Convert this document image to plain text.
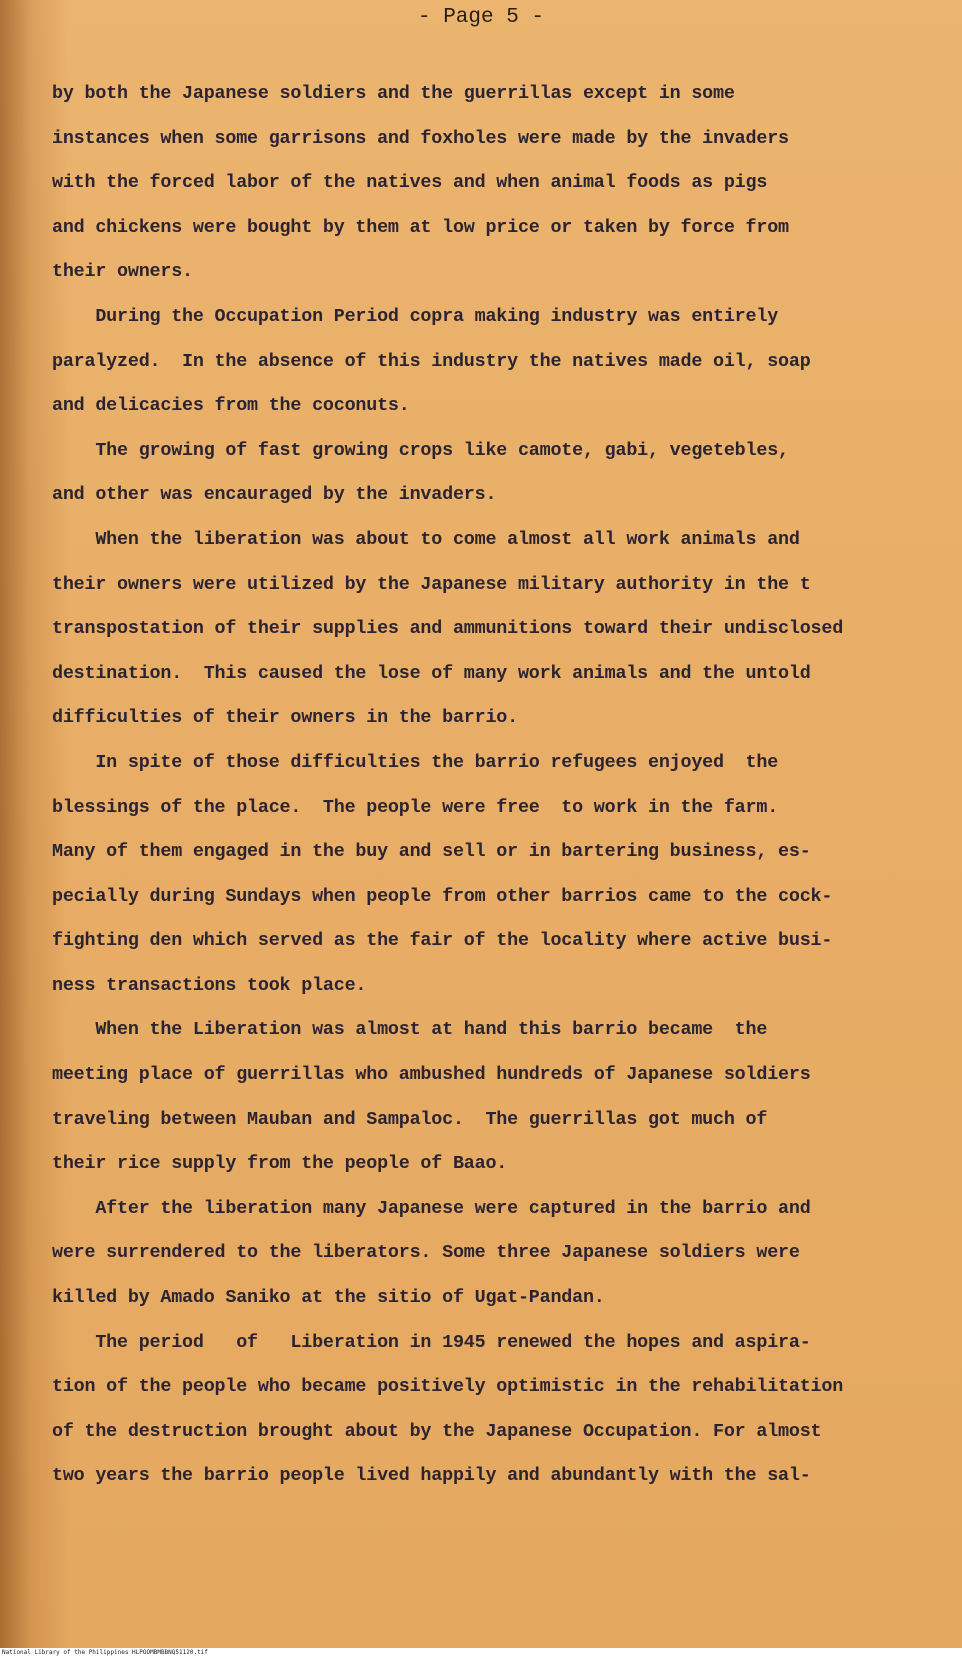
- Page 5 -
by both the Japanese soldiers and the guerrillas except in some
instances when some garrisons and foxholes were made by the invaders
with the forced labor of the natives and when animal foods as pigs
and chickens were bought by them at low price or taken by force from
their owners.
During the Occupation Period copra making industry was entirely
paralyzed.  In the absence of this industry the natives made oil, soap
and delicacies from the coconuts.
The growing of fast growing crops like camote, gabi, vegetebles,
and other was encauraged by the invaders.
When the liberation was about to come almost all work animals and
their owners were utilized by the Japanese military authority in the t
transpostation of their supplies and ammunitions toward their undisclosed
destination.  This caused the lose of many work animals and the untold
difficulties of their owners in the barrio.
In spite of those difficulties the barrio refugees enjoyed  the
blessings of the place.  The people were free  to work in the farm.
Many of them engaged in the buy and sell or in bartering business, es-
pecially during Sundays when people from other barrios came to the cock-
fighting den which served as the fair of the locality where active busi-
ness transactions took place.
When the Liberation was almost at hand this barrio became  the
meeting place of guerrillas who ambushed hundreds of Japanese soldiers
traveling between Mauban and Sampaloc.  The guerrillas got much of
their rice supply from the people of Baao.
After the liberation many Japanese were captured in the barrio and
were surrendered to the liberators. Some three Japanese soldiers were
killed by Amado Saniko at the sitio of Ugat-Pandan.
The period   of   Liberation in 1945 renewed the hopes and aspira-
tion of the people who became positively optimistic in the rehabilitation
of the destruction brought about by the Japanese Occupation. For almost
two years the barrio people lived happily and abundantly with the sal-
National Library of the Philippines HLPOOMBMBBNQ51120.tif
